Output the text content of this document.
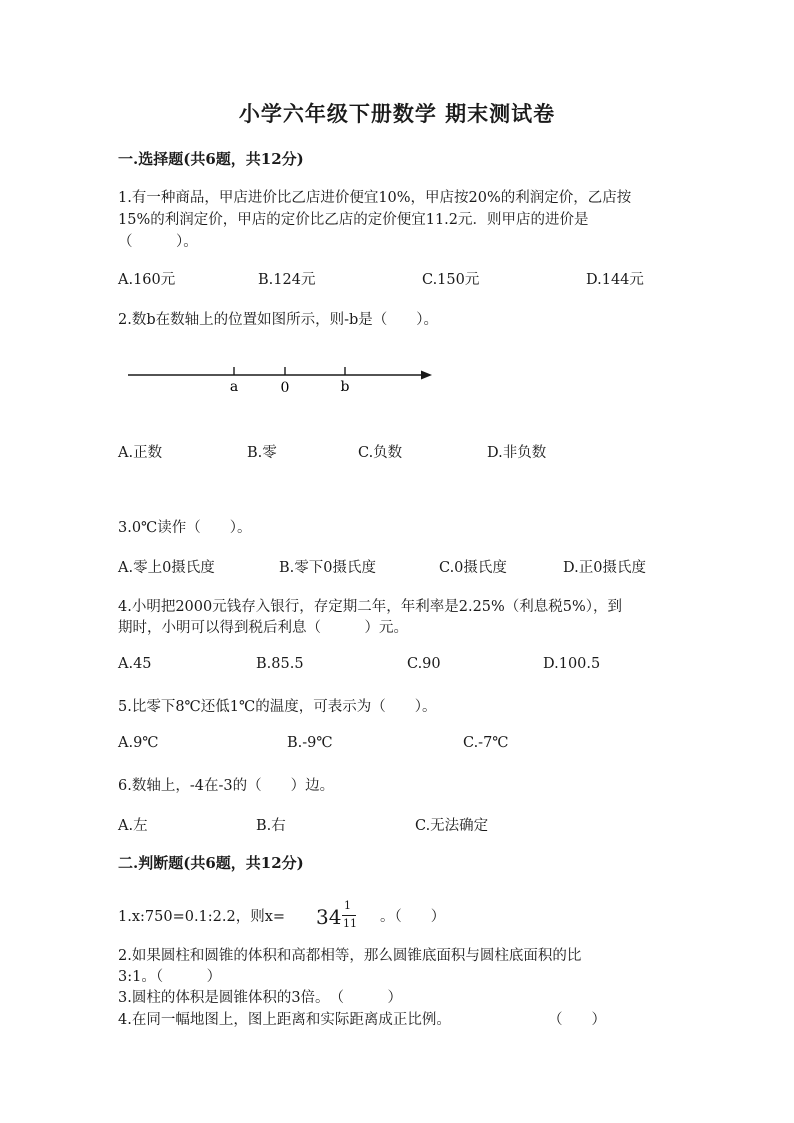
小学六年级下册数学 期末测试卷
一.选择题(共6题，共12分)
1.有一种商品，甲店进价比乙店进价便宜10%，甲店按20%的利润定价，乙店按
15%的利润定价，甲店的定价比乙店的定价便宜11.2元．则甲店的进价是
（　　　）。
A.160元	B.124元	C.150元	D.144元
2.数b在数轴上的位置如图所示，则-b是（　　）。
a	0	b
A.正数	B.零	C.负数	D.非负数
3.0℃读作（　　）。
A.零上0摄氏度	B.零下0摄氏度	C.0摄氏度	D.正0摄氏度
4.小明把2000元钱存入银行，存定期二年，年利率是2.25%（利息税5%），到
期时，小明可以得到税后利息（　　　）元。
A.45	B.85.5	C.90	D.100.5
5.比零下8℃还低1℃的温度，可表示为（　　）。
A.9℃	B.-9℃	C.-7℃
6.数轴上，-4在-3的（　　）边。
A.左	B.右	C.无法确定
二.判断题(共6题，共12分)
1.x:750=0.1:2.2，则x= 34 1
11 。（　　）
2.如果圆柱和圆锥的体积和高都相等，那么圆锥底面积与圆柱底面积的比
3:1。（　　　）
3.圆柱的体积是圆锥体积的3倍。　（　　　）
4.在同一幅地图上，图上距离和实际距离成正比例。	（　　）
